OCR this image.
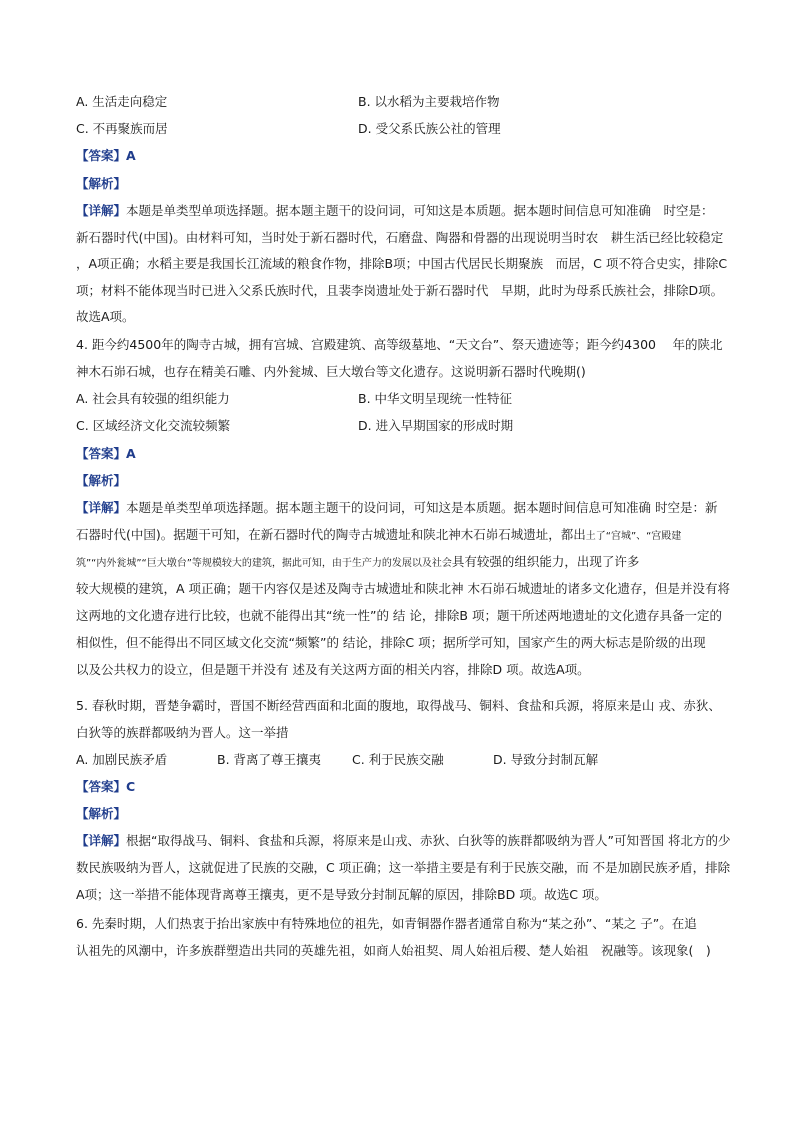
A. 生活走向稳定	B. 以水稻为主要栽培作物
C. 不再聚族而居	D. 受父系氏族公社的管理
【答案】A
【解析】
【详解】本题是单类型单项选择题。据本题主题干的设问词，可知这是本质题。据本题时间信息可知准确　时空是：
新石器时代(中国)。由材料可知，当时处于新石器时代，石磨盘、陶器和骨器的出现说明当时农　耕生活已经比较稳定
，A项正确；水稻主要是我国长江流域的粮食作物，排除B项；中国古代居民长期聚族　而居，C 项不符合史实，排除C
项；材料不能体现当时已进入父系氏族时代，且裴李岗遗址处于新石器时代　早期，此时为母系氏族社会，排除D项。
故选A项。
4. 距今约4500年的陶寺古城，拥有宫城、宫殿建筑、高等级墓地、“天文台”、祭天遗迹等；距今约4300　 年的陕北
神木石峁石城，也存在精美石雕、内外瓮城、巨大墩台等文化遗存。这说明新石器时代晚期()
A. 社会具有较强的组织能力	B. 中华文明呈现统一性特征
C. 区域经济文化交流较频繁	D. 进入早期国家的形成时期
【答案】A
【解析】
【详解】本题是单类型单项选择题。据本题主题干的设问词，可知这是本质题。据本题时间信息可知准确 时空是：新
石器时代(中国)。据题干可知，在新石器时代的陶寺古城遗址和陕北神木石峁石城遗址，都出土了“宫城”、“宫殿建
筑”“内外瓮城”“巨大墩台”等规模较大的建筑，据此可知，由于生产力的发展以及社会具有较强的组织能力，出现了许多
较大规模的建筑，A 项正确；题干内容仅是述及陶寺古城遗址和陕北神 木石峁石城遗址的诸多文化遗存，但是并没有将
这两地的文化遗存进行比较，也就不能得出其“统一性”的 结 论，排除B 项；题干所述两地遗址的文化遗存具备一定的
相似性，但不能得出不同区域文化交流“频繁”的 结论，排除C 项；据所学可知，国家产生的两大标志是阶级的出现
以及公共权力的设立，但是题干并没有 述及有关这两方面的相关内容，排除D 项。故选A项。
5. 春秋时期，晋楚争霸时，晋国不断经营西面和北面的腹地，取得战马、铜料、食盐和兵源，将原来是山 戎、赤狄、
白狄等的族群都吸纳为晋人。这一举措
A. 加剧民族矛盾	B. 背离了尊王攘夷 C. 利于民族交融	D. 导致分封制瓦解
【答案】C
【解析】
【详解】根据“取得战马、铜料、食盐和兵源，将原来是山戎、赤狄、白狄等的族群都吸纳为晋人”可知晋国 将北方的少
数民族吸纳为晋人，这就促进了民族的交融，C 项正确；这一举措主要是有利于民族交融，而 不是加剧民族矛盾，排除
A项；这一举措不能体现背离尊王攘夷，更不是导致分封制瓦解的原因，排除BD 项。故选C 项。
6. 先秦时期，人们热衷于抬出家族中有特殊地位的祖先，如青铜器作器者通常自称为“某之孙”、“某之 子”。在追
认祖先的风潮中，许多族群塑造出共同的英雄先祖，如商人始祖契、周人始祖后稷、楚人始祖　祝融等。该现象(　)
